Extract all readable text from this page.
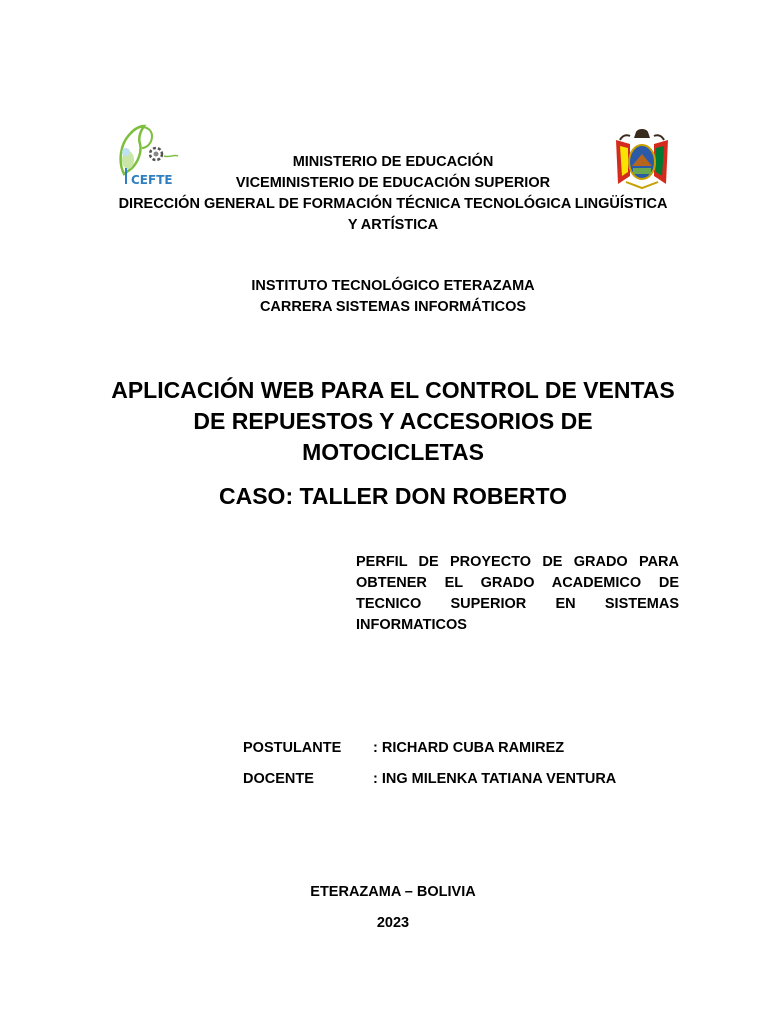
CEFTE
MINISTERIO DE EDUCACIÓN
VICEMINISTERIO DE EDUCACIÓN SUPERIOR
DIRECCIÓN GENERAL DE FORMACIÓN TÉCNICA TECNOLÓGICA LINGÜÍSTICA
Y ARTÍSTICA
INSTITUTO TECNOLÓGICO ETERAZAMA
CARRERA SISTEMAS INFORMÁTICOS
APLICACIÓN WEB PARA EL CONTROL DE VENTAS
DE REPUESTOS Y ACCESORIOS DE
MOTOCICLETAS
CASO: TALLER DON ROBERTO
PERFIL DE PROYECTO DE GRADO PARA OBTENER EL GRADO ACADEMICO DE TECNICO SUPERIOR EN SISTEMAS INFORMATICOS
POSTULANTE : RICHARD CUBA RAMIREZ
DOCENTE	: ING MILENKA TATIANA VENTURA
ETERAZAMA – BOLIVIA
2023
